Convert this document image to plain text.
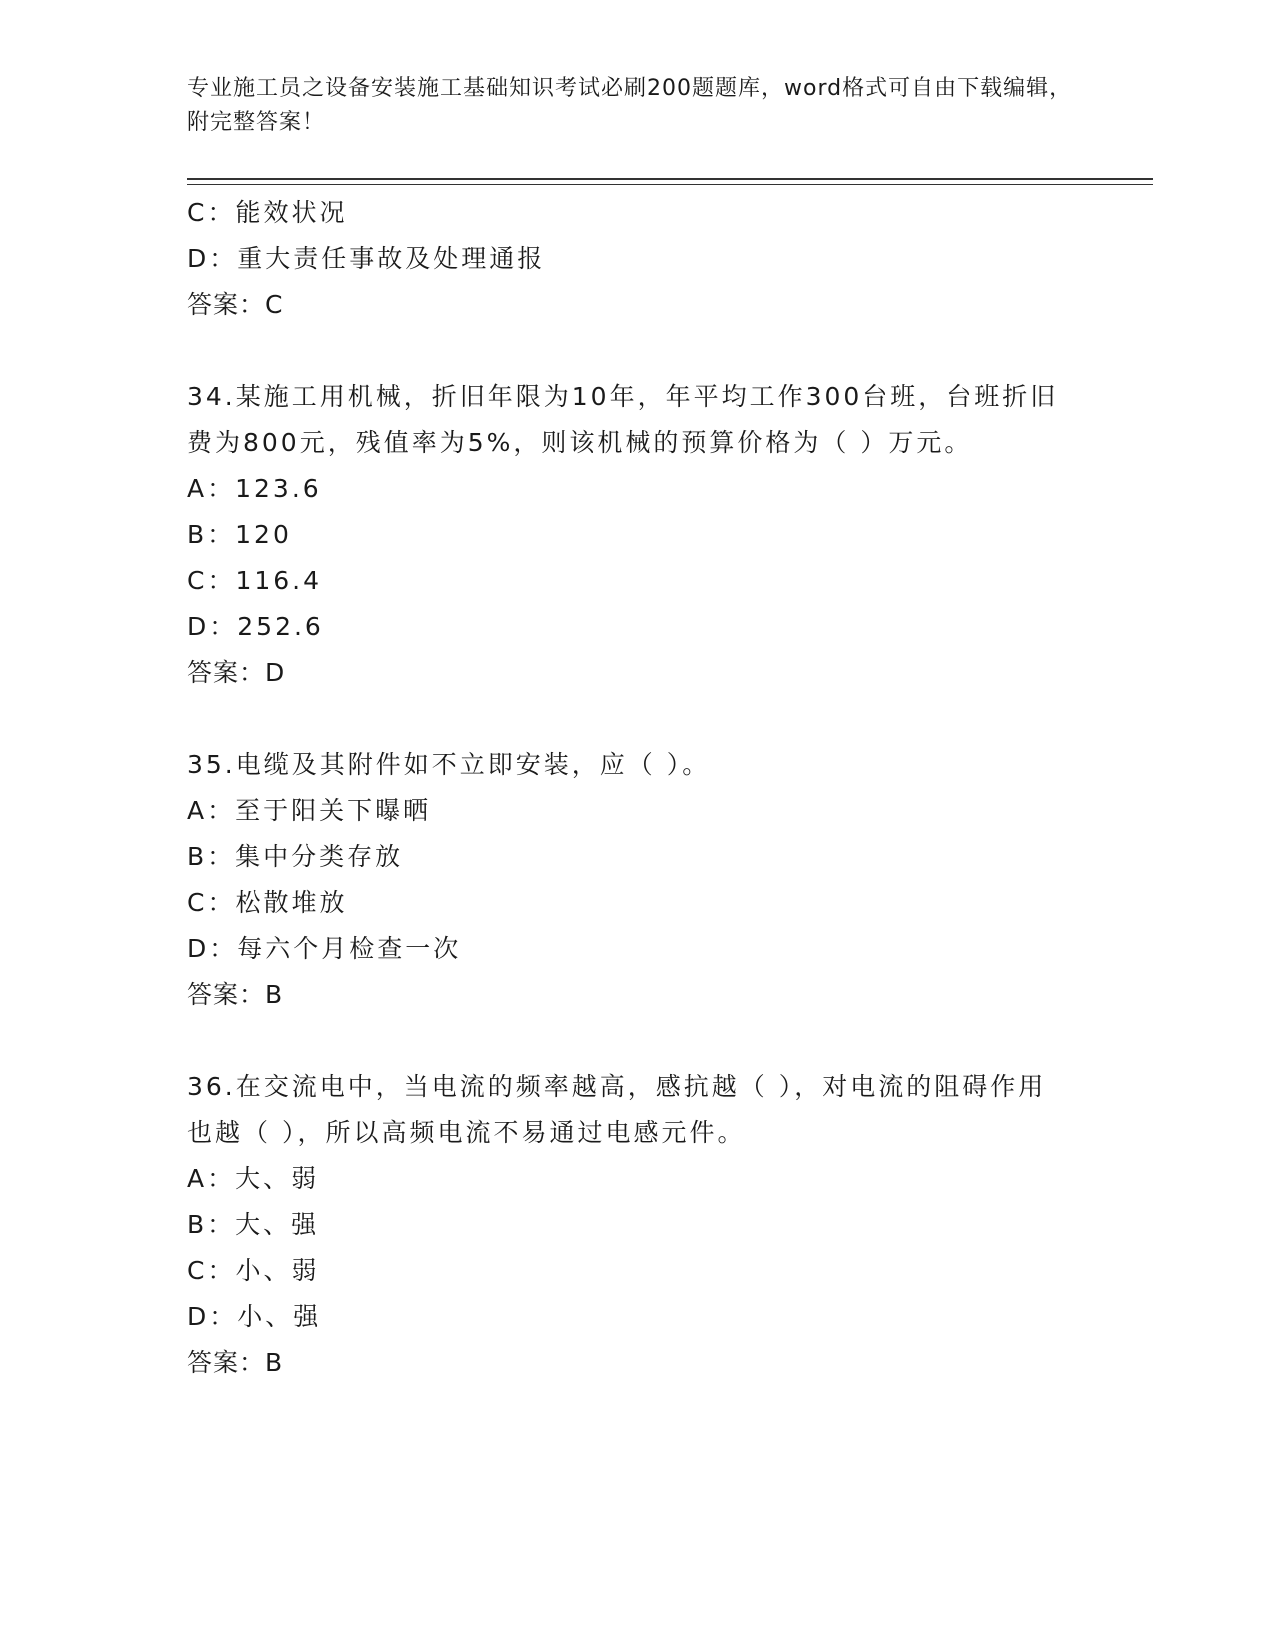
专业施工员之设备安装施工基础知识考试必刷200题题库，word格式可自由下载编辑，附完整答案！
C：能效状况
D：重大责任事故及处理通报
答案：C
34.某施工用机械，折旧年限为10年，年平均工作300台班，台班折旧费为800元，残值率为5%，则该机械的预算价格为（ ）万元。
A：123.6
B：120
C：116.4
D：252.6
答案：D
35.电缆及其附件如不立即安装，应（ ）。
A：至于阳关下曝晒
B：集中分类存放
C：松散堆放
D：每六个月检查一次
答案：B
36.在交流电中，当电流的频率越高，感抗越（ ），对电流的阻碍作用也越（ ），所以高频电流不易通过电感元件。
A：大、弱
B：大、强
C：小、弱
D：小、强
答案：B
